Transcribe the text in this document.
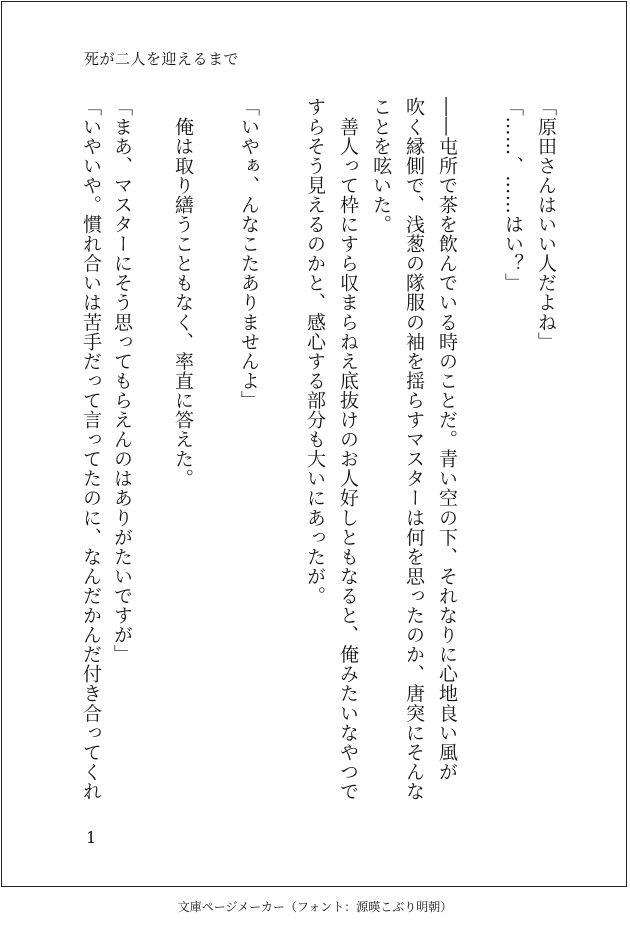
死が二人を迎えるまで
「原田さんはいい人だよね」
「……、……はい？」
――屯所で茶を飲んでいる時のことだ。青い空の下、それなりに心地良い風が
吹く縁側で、浅葱の隊服の袖を揺らすマスターは何を思ったのか、唐突にそんな
ことを呟いた。
　善人って枠にすら収まらねえ底抜けのお人好しともなると、俺みたいなやつで
すらそう見えるのかと、感心する部分も大いにあったが。
「いやぁ、んなこたありませんよ」
　俺は取り繕うこともなく、率直に答えた。
「まあ、マスターにそう思ってもらえんのはありがたいですが」
「いやいや。慣れ合いは苦手だって言ってたのに、なんだかんだ付き合ってくれ
1
文庫ページメーカー（フォント：源暎こぶり明朝）
